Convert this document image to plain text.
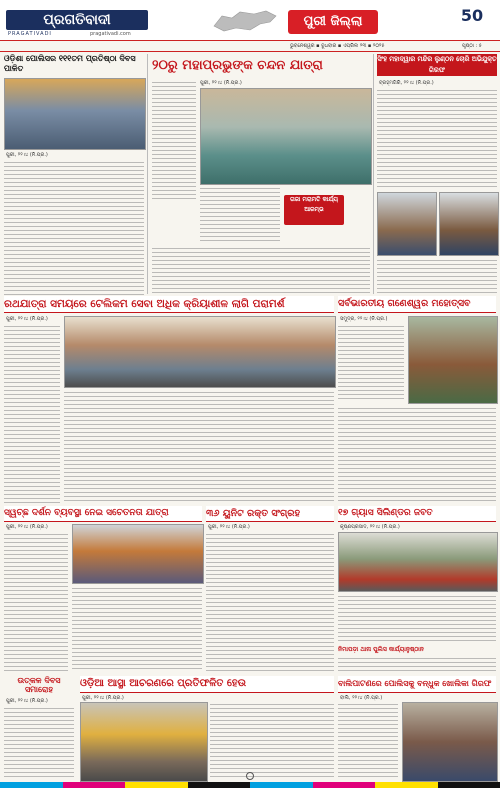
ପ୍ରଗତିବାଦୀ
PRAGATIVADI	pragativadi.com
ପୁରୀ ଜିଲ୍ଲା	50
ଭୁବନେଶ୍ୱର ▪ ବୁଧବାର ▪ ଏପ୍ରିଲ ୨୩ ▪ ୨୦୨୫	ପୃଷ୍ଠା : ୫
ଓଡ଼ିଶା ପୋଲିସର ୧୧୧ତମ ପ୍ରତିଷ୍ଠା ଦିବସ ପାଳିତ
ପୁରୀ, ୨୨।୪ (ନି.ପ୍ର.)
୨୦ରୁ ମହାପ୍ରଭୁଙ୍କ ଚନ୍ଦନ ଯାତ୍ରା
ପୁରୀ, ୨୨।୪ (ନି.ପ୍ର.)
ତାଜା ମରାମତି କାର୍ଯ୍ୟ ଆରମ୍ଭ
ସିଂହ ମହାଦ୍ୱାର ମନ୍ଦିର ଲୁଣ୍ଠନ ଚୋରି ଅଭିଯୁକ୍ତ ଗିରଫ
ବ୍ରହ୍ମଗିରି, ୨୨।୪ (ନି.ପ୍ର.)
ରଥଯାତ୍ରା ସମୟରେ ଟେଲିକମ ସେବା ଅଧିକ କ୍ରିୟାଶୀଳ ଲାଗି ପରାମର୍ଶ	ସର୍ବଭାରତୀୟ ଗଣେଶ୍ୱର ମହୋତ୍ସବ
ପୁରୀ, ୨୨।୪ (ନି.ପ୍ର.)	ସମୁଦ୍ର, ୨୨।୪ (ନି.ପ୍ର.)
ସ୍ୱଚ୍ଛ ଦର୍ଶନ ବ୍ୟବସ୍ଥା ନେଇ ସଚେତନତା ଯାତ୍ରା	୩୬ ୟୁନିଟ ରକ୍ତ ସଂଗ୍ରହ	୧୭ ଗ୍ୟାସ ସିଲିଣ୍ଡର ଜବତ
ପୁରୀ, ୨୨।୪ (ନି.ପ୍ର.)	ପୁରୀ, ୨୨।୪ (ନି.ପ୍ର.)	କୃଷ୍ଣପ୍ରସାଦ, ୨୨।୪ (ନି.ପ୍ର.)
ନିମାପଡ଼ା ଥାନା ପୁଲିସ କାର୍ଯ୍ୟାନୁଷ୍ଠାନ
ଉତ୍କଳ ଦିବସ ସମାରୋହ
ପୁରୀ, ୨୨।୪ (ନି.ପ୍ର.)
ଓଡ଼ିଆ ଆସ୍ଥା ଆଚରଣରେ ପ୍ରତିଫଳିତ ହେଉ
ପୁରୀ, ୨୨।୪ (ନି.ପ୍ର.)
ବାଲିପାଟଣରେ ପୋଲିସକୁ ବନ୍ଧୁକ ଖୋଲିକା ଗିରଫ
ବାଲି, ୨୨।୪ (ନି.ପ୍ର.)
